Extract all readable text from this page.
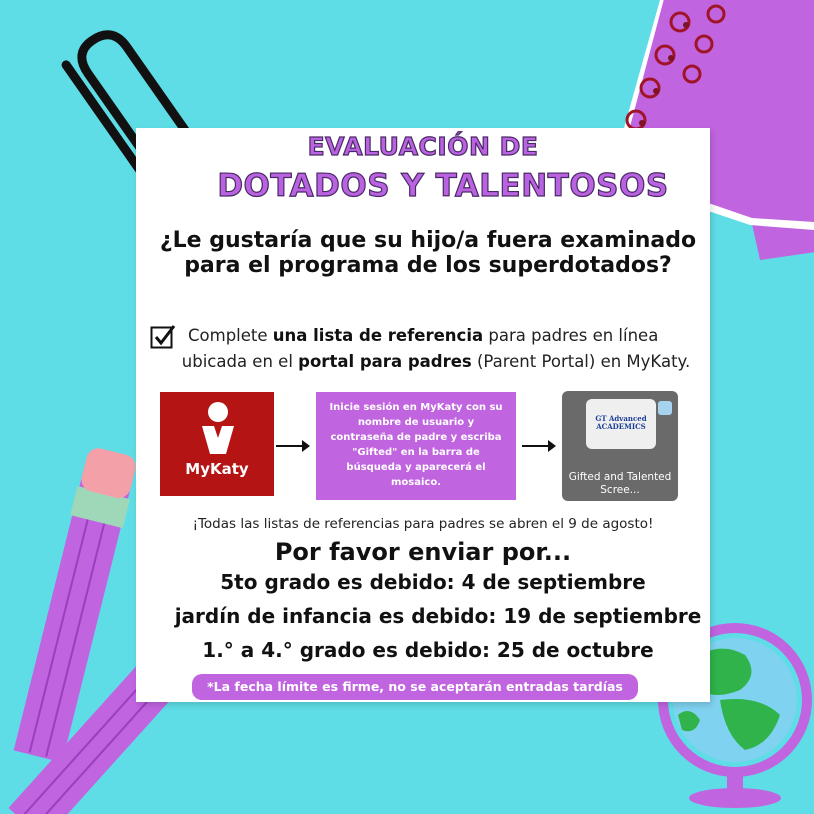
EVALUACIÓN DE
DOTADOS Y TALENTOSOS
¿Le gustaría que su hijo/a fuera examinado para el programa de los superdotados?
Complete una lista de referencia para padres en línea
ubicada en el portal para padres (Parent Portal) en MyKaty.
MyKaty
Inicie sesión en MyKaty con su nombre de usuario y contraseña de padre y escriba "Gifted" en la barra de búsqueda y aparecerá el mosaico.
GT Advanced ACADEMICS
Gifted and Talented Scree...
¡Todas las listas de referencias para padres se abren el 9 de agosto!
Por favor enviar por...
5to grado es debido: 4 de septiembre
jardín de infancia es debido: 19 de septiembre
1.° a 4.° grado es debido: 25 de octubre
*La fecha límite es firme, no se aceptarán entradas tardías
